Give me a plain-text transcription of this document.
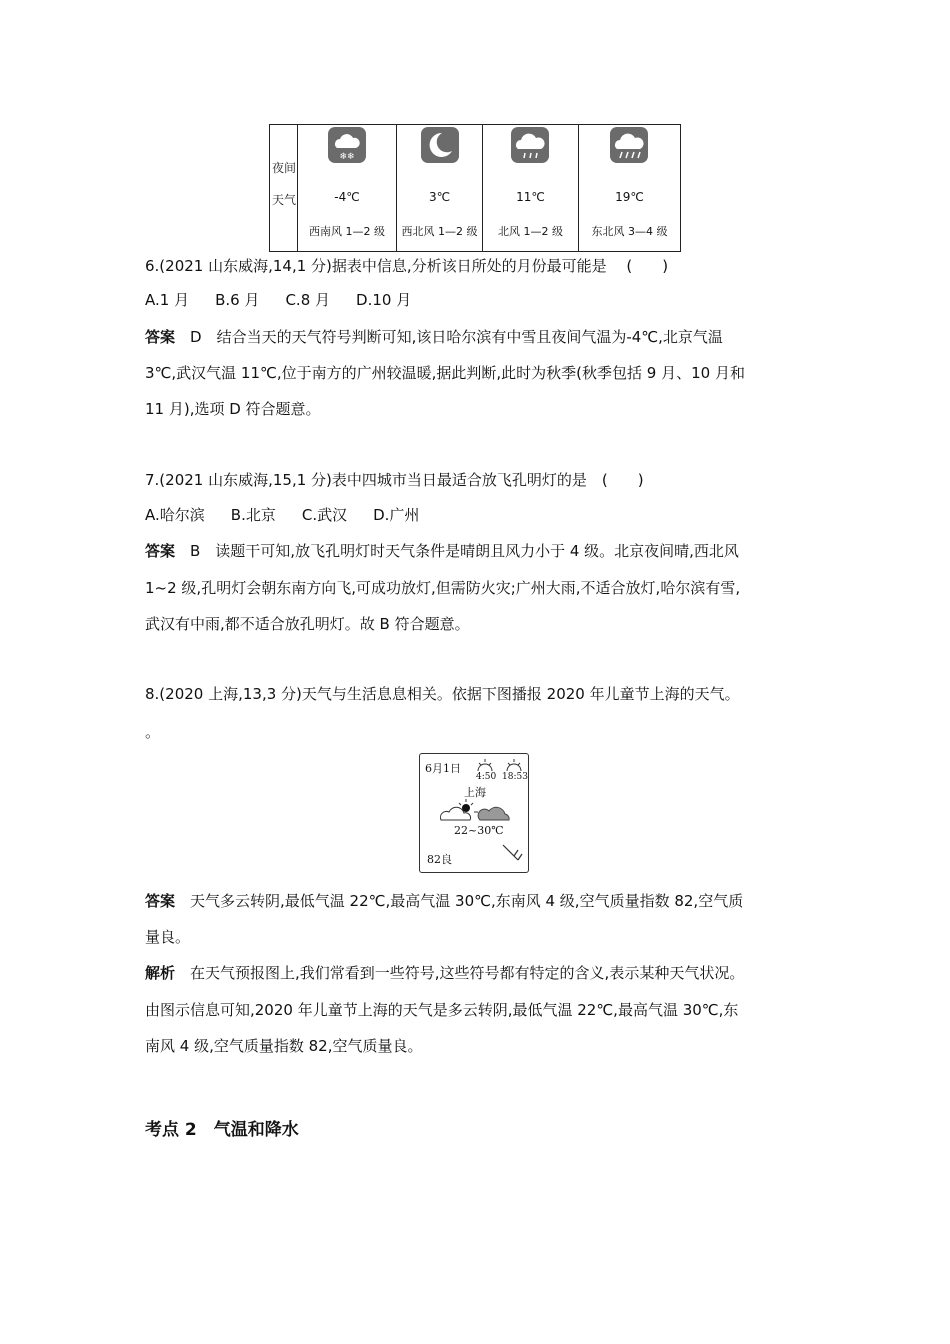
夜间
天气
❄❄
-4℃
西南风 1—2 级
3℃
西北风 1—2 级
11℃
北风 1—2 级
19℃
东北风 3—4 级
6.(2021 山东威海,14,1 分)据表中信息,分析该日所处的月份最可能是　 (　　)
A.1 月 B.6 月 C.8 月 D.10 月
答案　D　结合当天的天气符号判断可知,该日哈尔滨有中雪且夜间气温为-4℃,北京气温
3℃,武汉气温 11℃,位于南方的广州较温暖,据此判断,此时为秋季(秋季包括 9 月、10 月和
11 月),选项 D 符合题意。
7.(2021 山东威海,15,1 分)表中四城市当日最适合放飞孔明灯的是　(　　)
A.哈尔滨 B.北京 C.武汉 D.广州
答案　B　读题干可知,放飞孔明灯时天气条件是晴朗且风力小于 4 级。北京夜间晴,西北风
1~2 级,孔明灯会朝东南方向飞,可成功放灯,但需防火灾;广州大雨,不适合放灯,哈尔滨有雪,
武汉有中雨,都不适合放孔明灯。故 B 符合题意。
8.(2020 上海,13,3 分)天气与生活息息相关。依据下图播报 2020 年儿童节上海的天气。
。
6月1日
4:50 18:53
上海
22~30℃
82良
答案　天气多云转阴,最低气温 22℃,最高气温 30℃,东南风 4 级,空气质量指数 82,空气质
量良。
解析　在天气预报图上,我们常看到一些符号,这些符号都有特定的含义,表示某种天气状况。
由图示信息可知,2020 年儿童节上海的天气是多云转阴,最低气温 22℃,最高气温 30℃,东
南风 4 级,空气质量指数 82,空气质量良。
考点 2　气温和降水
